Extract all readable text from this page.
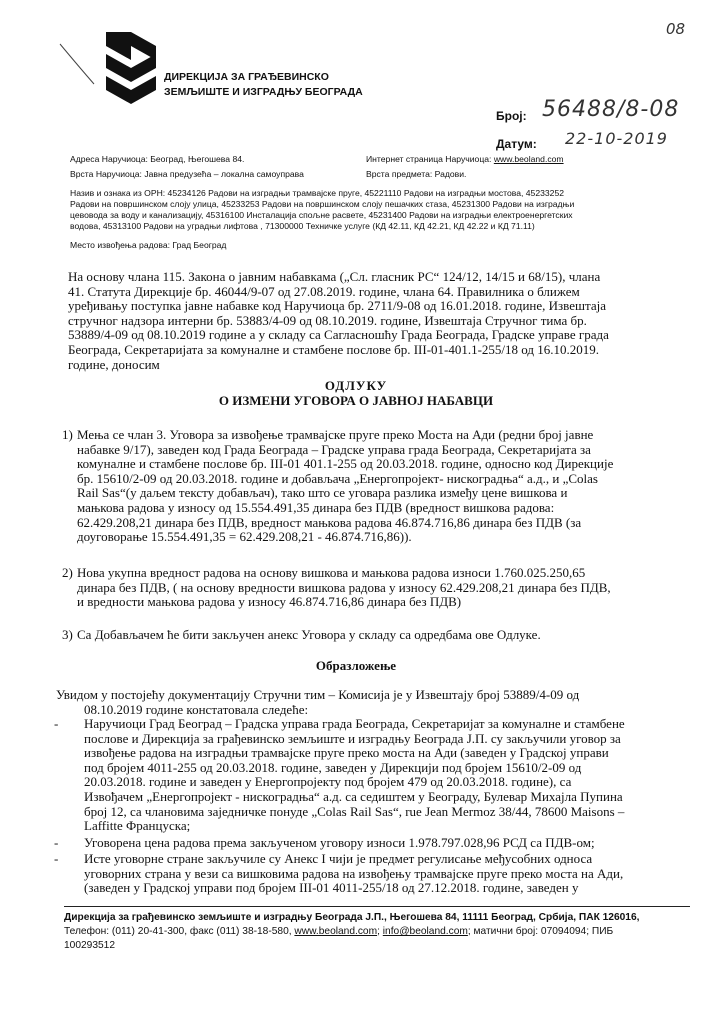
08
ДИРЕКЦИЈА ЗА ГРАЂЕВИНСКО
ЗЕМЉИШТЕ И ИЗГРАДЊУ БЕОГРАДА
Број: 56488/8-08
Датум: 22-10-2019
Адреса Наручиоца: Београд, Његошева 84.	Интернет страница Наручиоца: www.beoland.com
Врста Наручиоца: Јавна предузећа – локална самоуправа	Врста предмета: Радови.
Назив и ознака из ОРН: 45234126 Радови на изградњи трамвајске пруге, 45221110 Радови на изградњи мостова, 45233252
Радови на површинском слоју улица, 45233253 Радови на површинском слоју пешачких стаза, 45231300 Радови на изградњи
цевовода за воду и канализацију, 45316100 Инсталација спољне расвете, 45231400 Радови на изградњи електроенергетских
водова, 45313100 Радови на уградњи лифтова , 71300000 Техничке услуге (КД 42.11, КД 42.21, КД 42.22 и КД 71.11)
Место извођења радова: Град Београд
На основу члана 115. Закона о јавним набавкама („Сл. гласник РС“ 124/12, 14/15 и 68/15), члана
41. Статута Дирекције бр. 46044/9-07 од 27.08.2019. године, члана 64. Правилника о ближем
уређивању поступка јавне набавке код Наручиоца бр. 2711/9-08 од 16.01.2018. године, Извештаја
стручног надзора интерни бр. 53883/4-09 од 08.10.2019. године, Извештаја Стручног тима бр.
53889/4-09 од 08.10.2019 године а у складу са Сагласношћу Града Београда, Градске управе града
Београда, Секретаријата за комуналне и стамбене послове бр. III-01-401.1-255/18 од 16.10.2019.
године, доносим
ОДЛУКУ
О ИЗМЕНИ УГОВОРА О ЈАВНОЈ НАБАВЦИ
1) Мења се члан 3. Уговора за извођење трамвајске пруге преко Моста на Ади (редни број јавне
набавке 9/17), заведен код Града Београда – Градске управа града Београда, Секретаријата за
комуналне и стамбене послове бр. III-01 401.1-255 од 20.03.2018. године, односно код Дирекције
бр. 15610/2-09 од 20.03.2018. године и добављача „Енергопројект- нискоградња“ а.д., и „Colas
Rail Sas“(у даљем тексту добављач), тако што се уговара разлика између цене вишкова и
мањкова радова у износу од 15.554.491,35 динара без ПДВ (вредност вишкова радова:
62.429.208,21 динара без ПДВ, вредност мањкова радова 46.874.716,86 динара без ПДВ (за
доуговорање 15.554.491,35 = 62.429.208,21 - 46.874.716,86)).
2) Нова укупна вредност радова на основу вишкова и мањкова радова износи 1.760.025.250,65
динара без ПДВ, ( на основу вредности вишкова радова у износу 62.429.208,21 динара без ПДВ,
и вредности мањкова радова у износу 46.874.716,86 динара без ПДВ)
3) Са Добављачем ће бити закључен анекс Уговора у складу са одредбама ове Одлуке.
Образложење
Увидом у постојећу документацију Стручни тим – Комисија је у Извештају број 53889/4-09 од
08.10.2019 године констатовала следеће:
- Наручиоци Град Београд – Градска управа града Београда, Секретаријат за комуналне и стамбене
послове и Дирекција за грађевинско земљиште и изградњу Београда Ј.П. су закључили уговор за
извођење радова на изградњи трамвајске пруге преко моста на Ади (заведен у Градској управи
под бројем 4011-255 од 20.03.2018. године, заведен у Дирекцији под бројем 15610/2-09 од
20.03.2018. године и заведен у Енергопројекту под бројем 479 од 20.03.2018. године), са
Извођачем „Енергопројект - нискоградња“ а.д. са седиштем у Београду, Булевар Михајла Пупина
број 12, са члановима заједничке понуде „Colas Rail Sas“, rue Jean Mermoz 38/44, 78600 Maisons –
Laffitte Француска;
- Уговорена цена радова према закљученом уговору износи 1.978.797.028,96 РСД са ПДВ-ом;
- Исте уговорне стране закључиле су Анекс I чији је предмет регулисање међусобних односа
уговорних страна у вези са вишковима радова на извођењу трамвајске пруге преко моста на Ади,
(заведен у Градској управи под бројем III-01 4011-255/18 од 27.12.2018. године, заведен у
Дирекција за грађевинско земљиште и изградњу Београда Ј.П., Његошева 84, 11111 Београд, Србија, ПАК 126016,
Телефон: (011) 20-41-300, факс (011) 38-18-580, www.beoland.com; info@beoland.com; матични број: 07094094; ПИБ
100293512
